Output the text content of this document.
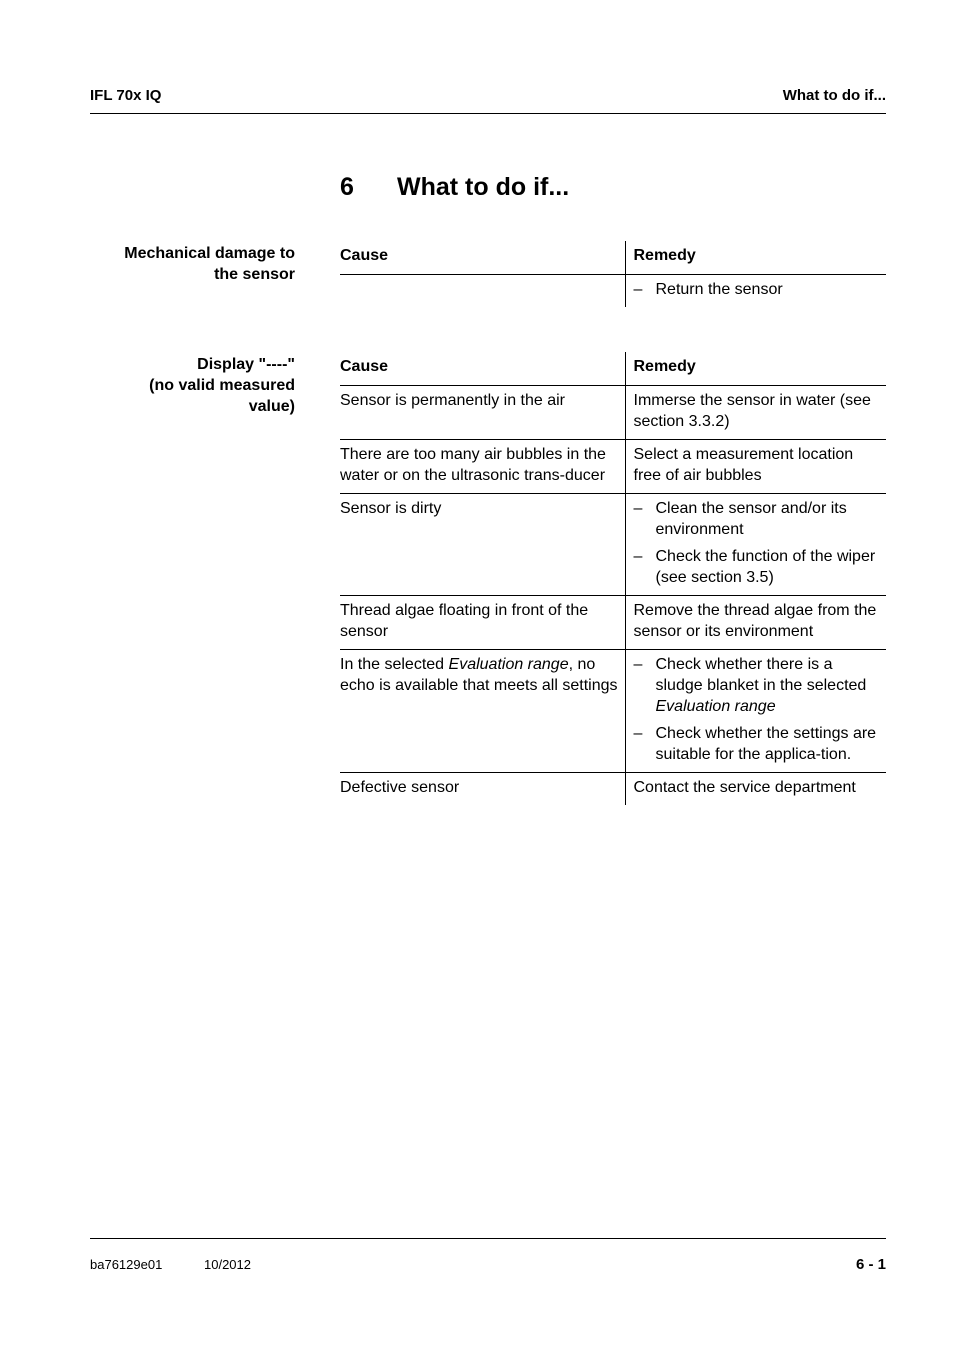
IFL 70x IQ	What to do if...
6 What to do if...
Mechanical damage to
the sensor
Cause	Remedy

	– Return the sensor
Display "----"
(no valid measured
value)
Cause	Remedy
Sensor is permanently in the air	Immerse the sensor in water (see section 3.3.2)
There are too many air bubbles in the water or on the ultrasonic trans-ducer	Select a measurement location free of air bubbles
Sensor is dirty	– Clean the sensor and/or its environment
– Check the function of the wiper (see section 3.5)

Thread algae floating in front of the sensor	Remove the thread algae from the sensor or its environment
In the selected Evaluation range, no echo is available that meets all settings	– Check whether there is a sludge blanket in the selected Evaluation range
– Check whether the settings are suitable for the applica-tion.

Defective sensor	Contact the service department
ba76129e01	10/2012	6 - 1
